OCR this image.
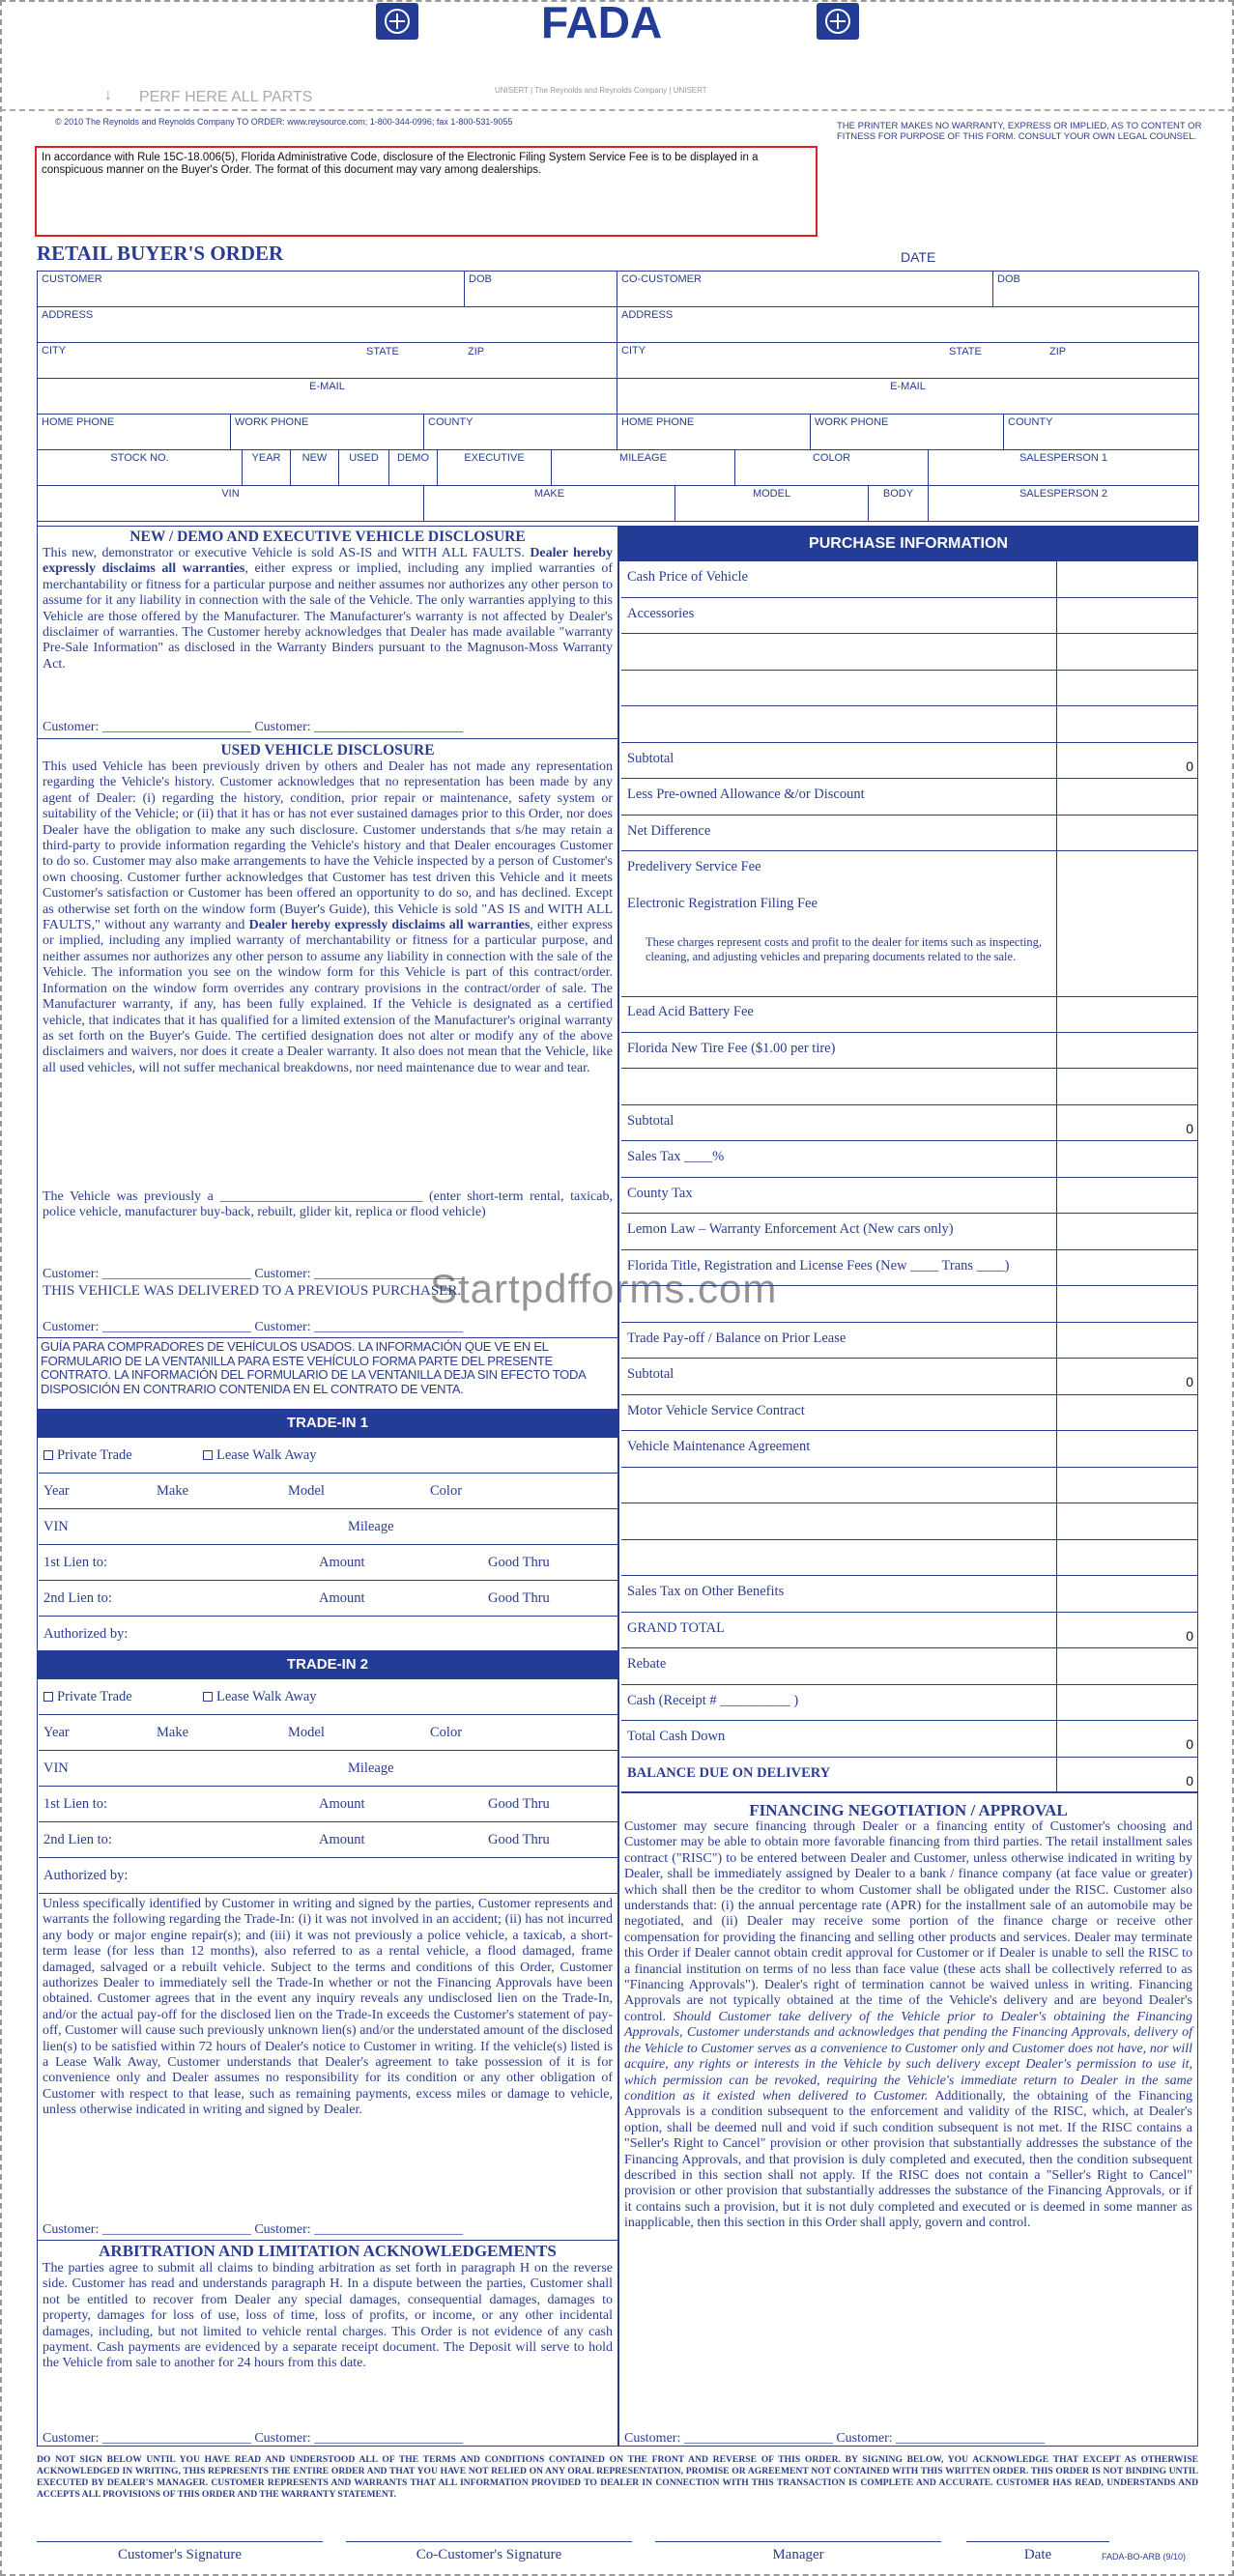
FADA
↓ PERF HERE ALL PARTS	UNISERT | The Reynolds and Reynolds Company | UNISERT
© 2010 The Reynolds and Reynolds Company TO ORDER: www.reysource.com; 1-800-344-0996; fax 1-800-531-9055	THE PRINTER MAKES NO WARRANTY, EXPRESS OR IMPLIED, AS TO CONTENT OR FITNESS FOR PURPOSE OF THIS FORM. CONSULT YOUR OWN LEGAL COUNSEL.
In accordance with Rule 15C-18.006(5), Florida Administrative Code, disclosure of the Electronic Filing System Service Fee is to be displayed in a conspicuous manner on the Buyer's Order. The format of this document may vary among dealerships.
RETAIL BUYER'S ORDER	DATE
CUSTOMER	DOB	CO-CUSTOMER	DOB
ADDRESS	ADDRESS
CITY	STATE	ZIP	CITY	STATE	ZIP
E-MAIL	E-MAIL
HOME PHONE	WORK PHONE	COUNTY	HOME PHONE	WORK PHONE	COUNTY
STOCK NO.	YEAR	NEW	USED	DEMO	EXECUTIVE	MILEAGE	COLOR	SALESPERSON 1
VIN	MAKE	MODEL	BODY	SALESPERSON 2
NEW / DEMO AND EXECUTIVE VEHICLE DISCLOSURE
This new, demonstrator or executive Vehicle is sold AS-IS and WITH ALL FAULTS. Dealer hereby expressly disclaims all warranties, either express or implied, including any implied warranties of merchantability or fitness for a particular purpose and neither assumes nor authorizes any other person to assume for it any liability in connection with the sale of the Vehicle. The only warranties applying to this Vehicle are those offered by the Manufacturer. The Manufacturer's warranty is not affected by Dealer's disclaimer of warranties. The Customer hereby acknowledges that Dealer has made available "warranty Pre-Sale Information" as disclosed in the Warranty Binders pursuant to the Magnuson-Moss Warranty Act.
Customer: ______________________ Customer: ______________________
USED VEHICLE DISCLOSURE
This used Vehicle has been previously driven by others and Dealer has not made any representation regarding the Vehicle's history. Customer acknowledges that no representation has been made by any agent of Dealer: (i) regarding the history, condition, prior repair or maintenance, safety system or suitability of the Vehicle; or (ii) that it has or has not ever sustained damages prior to this Order, nor does Dealer have the obligation to make any such disclosure. Customer understands that s/he may retain a third-party to provide information regarding the Vehicle's history and that Dealer encourages Customer to do so. Customer may also make arrangements to have the Vehicle inspected by a person of Customer's own choosing. Customer further acknowledges that Customer has test driven this Vehicle and it meets Customer's satisfaction or Customer has been offered an opportunity to do so, and has declined. Except as otherwise set forth on the window form (Buyer's Guide), this Vehicle is sold "AS IS and WITH ALL FAULTS," without any warranty and Dealer hereby expressly disclaims all warranties, either express or implied, including any implied warranty of merchantability or fitness for a particular purpose, and neither assumes nor authorizes any other person to assume any liability in connection with the sale of the Vehicle. The information you see on the window form for this Vehicle is part of this contract/order. Information on the window form overrides any contrary provisions in the contract/order of sale. The Manufacturer warranty, if any, has been fully explained. If the Vehicle is designated as a certified vehicle, that indicates that it has qualified for a limited extension of the Manufacturer's original warranty as set forth on the Buyer's Guide. The certified designation does not alter or modify any of the above disclaimers and waivers, nor does it create a Dealer warranty. It also does not mean that the Vehicle, like all used vehicles, will not suffer mechanical breakdowns, nor need maintenance due to wear and tear.
The Vehicle was previously a ______________________________ (enter short-term rental, taxicab, police vehicle, manufacturer buy-back, rebuilt, glider kit, replica or flood vehicle)
Customer: ______________________ Customer: ______________________
THIS VEHICLE WAS DELIVERED TO A PREVIOUS PURCHASER.
Customer: ______________________ Customer: ______________________
GUÍA PARA COMPRADORES DE VEHÍCULOS USADOS. LA INFORMACIÓN QUE VE EN EL FORMULARIO DE LA VENTANILLA PARA ESTE VEHÍCULO FORMA PARTE DEL PRESENTE CONTRATO. LA INFORMACIÓN DEL FORMULARIO DE LA VENTANILLA DEJA SIN EFECTO TODA DISPOSICIÓN EN CONTRARIO CONTENIDA EN EL CONTRATO DE VENTA.
Startpdfforms.com
TRADE-IN 1
Private Trade	Lease Walk Away
Year	Make	Model	Color
VIN	Mileage
1st Lien to:	Amount	Good Thru
2nd Lien to:	Amount	Good Thru
Authorized by:
TRADE-IN 2
Private Trade	Lease Walk Away
Year	Make	Model	Color
VIN	Mileage
1st Lien to:	Amount	Good Thru
2nd Lien to:	Amount	Good Thru
Authorized by:
Unless specifically identified by Customer in writing and signed by the parties, Customer represents and warrants the following regarding the Trade-In: (i) it was not involved in an accident; (ii) has not incurred any body or major engine repair(s); and (iii) it was not previously a police vehicle, a taxicab, a short-term lease (for less than 12 months), also referred to as a rental vehicle, a flood damaged, frame damaged, salvaged or a rebuilt vehicle. Subject to the terms and conditions of this Order, Customer authorizes Dealer to immediately sell the Trade-In whether or not the Financing Approvals have been obtained. Customer agrees that in the event any inquiry reveals any undisclosed lien on the Trade-In, and/or the actual pay-off for the disclosed lien on the Trade-In exceeds the Customer's statement of pay-off, Customer will cause such previously unknown lien(s) and/or the understated amount of the disclosed lien(s) to be satisfied within 72 hours of Dealer's notice to Customer in writing. If the vehicle(s) listed is a Lease Walk Away, Customer understands that Dealer's agreement to take possession of it is for convenience only and Dealer assumes no responsibility for its condition or any other obligation of Customer with respect to that lease, such as remaining payments, excess miles or damage to vehicle, unless otherwise indicated in writing and signed by Dealer.
Customer: ______________________ Customer: ______________________
ARBITRATION AND LIMITATION ACKNOWLEDGEMENTS
The parties agree to submit all claims to binding arbitration as set forth in paragraph H on the reverse side. Customer has read and understands paragraph H. In a dispute between the parties, Customer shall not be entitled to recover from Dealer any special damages, consequential damages, damages to property, damages for loss of use, loss of time, loss of profits, or income, or any other incidental damages, including, but not limited to vehicle rental charges. This Order is not evidence of any cash payment. Cash payments are evidenced by a separate receipt document. The Deposit will serve to hold the Vehicle from sale to another for 24 hours from this date.
Customer: ______________________ Customer: ______________________
PURCHASE INFORMATION
Cash Price of Vehicle
Accessories
Subtotal	0
Less Pre-owned Allowance &/or Discount
Net Difference
Predelivery Service Fee
Electronic Registration Filing Fee
These charges represent costs and profit to the dealer for items such as inspecting, cleaning, and adjusting vehicles and preparing documents related to the sale.
Lead Acid Battery Fee
Florida New Tire Fee ($1.00 per tire)
Subtotal	0
Sales Tax ____%
County Tax
Lemon Law – Warranty Enforcement Act (New cars only)
Florida Title, Registration and License Fees (New ____ Trans ____)
Trade Pay-off / Balance on Prior Lease
Subtotal	0
Motor Vehicle Service Contract
Vehicle Maintenance Agreement
Sales Tax on Other Benefits
GRAND TOTAL	0
Rebate
Cash (Receipt # __________ )
Total Cash Down	0
BALANCE DUE ON DELIVERY	0
FINANCING NEGOTIATION / APPROVAL
Customer may secure financing through Dealer or a financing entity of Customer's choosing and Customer may be able to obtain more favorable financing from third parties. The retail installment sales contract ("RISC") to be entered between Dealer and Customer, unless otherwise indicated in writing by Dealer, shall be immediately assigned by Dealer to a bank / finance company (at face value or greater) which shall then be the creditor to whom Customer shall be obligated under the RISC. Customer also understands that: (i) the annual percentage rate (APR) for the installment sale of an automobile may be negotiated, and (ii) Dealer may receive some portion of the finance charge or receive other compensation for providing the financing and selling other products and services. Dealer may terminate this Order if Dealer cannot obtain credit approval for Customer or if Dealer is unable to sell the RISC to a financial institution on terms of no less than face value (these acts shall be collectively referred to as "Financing Approvals"). Dealer's right of termination cannot be waived unless in writing. Financing Approvals are not typically obtained at the time of the Vehicle's delivery and are beyond Dealer's control. Should Customer take delivery of the Vehicle prior to Dealer's obtaining the Financing Approvals, Customer understands and acknowledges that pending the Financing Approvals, delivery of the Vehicle to Customer serves as a convenience to Customer only and Customer does not have, nor will acquire, any rights or interests in the Vehicle by such delivery except Dealer's permission to use it, which permission can be revoked, requiring the Vehicle's immediate return to Dealer in the same condition as it existed when delivered to Customer. Additionally, the obtaining of the Financing Approvals is a condition subsequent to the enforcement and validity of the RISC, which, at Dealer's option, shall be deemed null and void if such condition subsequent is not met. If the RISC contains a "Seller's Right to Cancel" provision or other provision that substantially addresses the substance of the Financing Approvals, and that provision is duly completed and executed, then the condition subsequent described in this section shall not apply. If the RISC does not contain a "Seller's Right to Cancel" provision or other provision that substantially addresses the substance of the Financing Approvals, or if it contains such a provision, but it is not duly completed and executed or is deemed in some manner as inapplicable, then this section in this Order shall apply, govern and control.
Customer: ______________________ Customer: ______________________
DO NOT SIGN BELOW UNTIL YOU HAVE READ AND UNDERSTOOD ALL OF THE TERMS AND CONDITIONS CONTAINED ON THE FRONT AND REVERSE OF THIS ORDER. BY SIGNING BELOW, YOU ACKNOWLEDGE THAT EXCEPT AS OTHERWISE ACKNOWLEDGED IN WRITING, THIS REPRESENTS THE ENTIRE ORDER AND THAT YOU HAVE NOT RELIED ON ANY ORAL REPRESENTATION, PROMISE OR AGREEMENT NOT CONTAINED WITH THIS WRITTEN ORDER. THIS ORDER IS NOT BINDING UNTIL EXECUTED BY DEALER'S MANAGER. CUSTOMER REPRESENTS AND WARRANTS THAT ALL INFORMATION PROVIDED TO DEALER IN CONNECTION WITH THIS TRANSACTION IS COMPLETE AND ACCURATE. CUSTOMER HAS READ, UNDERSTANDS AND ACCEPTS ALL PROVISIONS OF THIS ORDER AND THE WARRANTY STATEMENT.
Customer's Signature	Co-Customer's Signature	Manager	Date	FADA-BO-ARB (9/10)
